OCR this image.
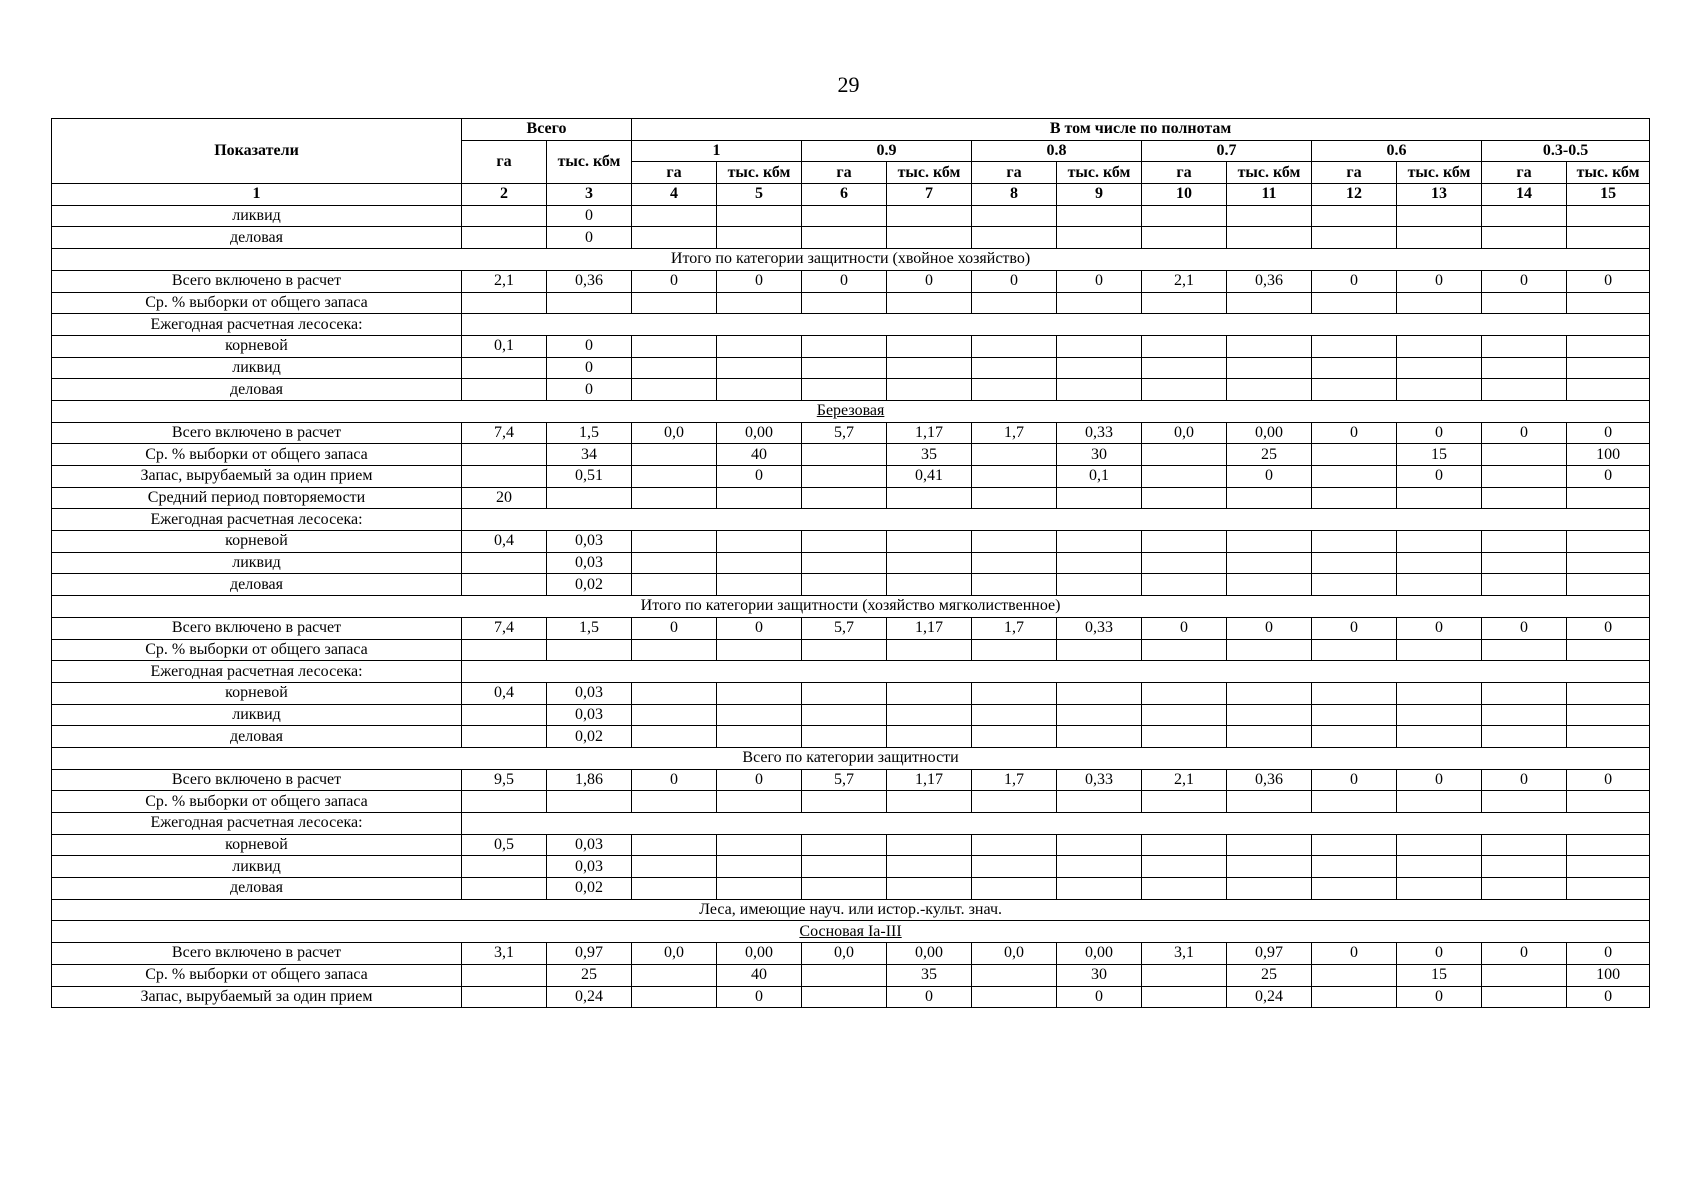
29
Показатели	Всего		В том числе по полнотам											
	га	тыс. кбм	1		0.9		0.8		0.7		0.6		0.3-0.5	
			га	тыс. кбм	га	тыс. кбм	га	тыс. кбм	га	тыс. кбм	га	тыс. кбм	га	тыс. кбм
1	2	3	4	5	6	7	8	9	10	11	12	13	14	15
ликвид		0												
деловая		0												
Итого по категории защитности (хвойное хозяйство)														
Всего включено в расчет	2,1	0,36	0	0	0	0	0	0	2,1	0,36	0	0	0	0
Ср. % выборки от общего запаса														
Ежегодная расчетная лесосека:														
корневой	0,1	0												
ликвид		0												
деловая		0												
Березовая														
Всего включено в расчет	7,4	1,5	0,0	0,00	5,7	1,17	1,7	0,33	0,0	0,00	0	0	0	0
Ср. % выборки от общего запаса		34		40		35		30		25		15		100
Запас, вырубаемый за один прием		0,51		0		0,41		0,1		0		0		0
Средний период повторяемости	20													
Ежегодная расчетная лесосека:														
корневой	0,4	0,03												
ликвид		0,03												
деловая		0,02												
Итого по категории защитности (хозяйство мягколиственное)														
Всего включено в расчет	7,4	1,5	0	0	5,7	1,17	1,7	0,33	0	0	0	0	0	0
Ср. % выборки от общего запаса														
Ежегодная расчетная лесосека:														
корневой	0,4	0,03												
ликвид		0,03												
деловая		0,02												
Всего по категории защитности														
Всего включено в расчет	9,5	1,86	0	0	5,7	1,17	1,7	0,33	2,1	0,36	0	0	0	0
Ср. % выборки от общего запаса														
Ежегодная расчетная лесосека:														
корневой	0,5	0,03												
ликвид		0,03												
деловая		0,02												
Леса, имеющие науч. или истор.-культ. знач.														
Сосновая Ia-III														
Всего включено в расчет	3,1	0,97	0,0	0,00	0,0	0,00	0,0	0,00	3,1	0,97	0	0	0	0
Ср. % выборки от общего запаса		25		40		35		30		25		15		100
Запас, вырубаемый за один прием		0,24		0		0		0		0,24		0		0
